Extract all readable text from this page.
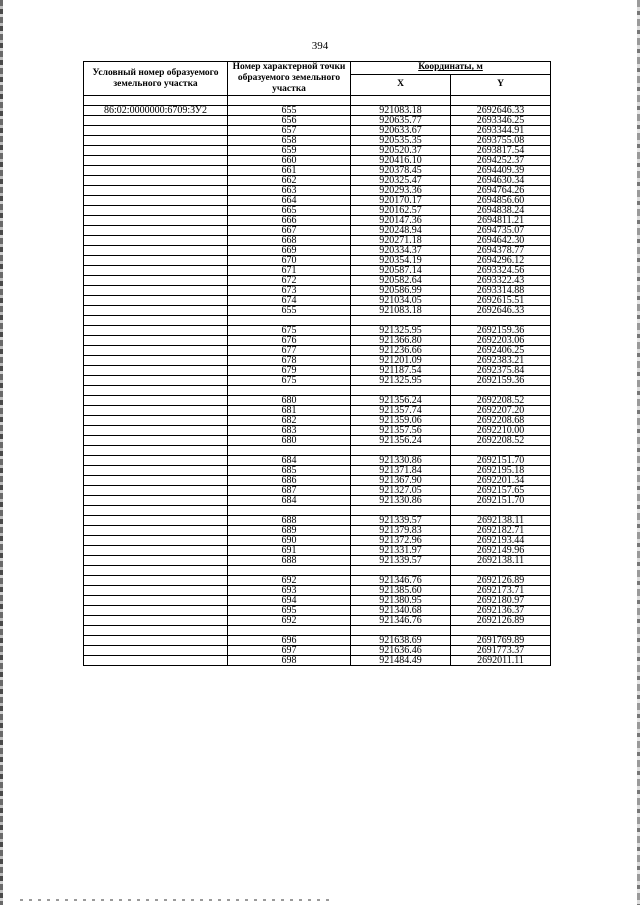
394
Условный номер образуемого земельного участка	Номер характерной точки образуемого земельного участка	Координаты, м	
		X	Y

86:02:0000000:6709:ЗУ2	655	921083.18	2692646.33
	656	920635.77	2693346.25
	657	920633.67	2693344.91
	658	920535.35	2693755.08
	659	920520.37	2693817.54
	660	920416.10	2694252.37
	661	920378.45	2694409.39
	662	920325.47	2694630.34
	663	920293.36	2694764.26
	664	920170.17	2694856.60
	665	920162.57	2694838.24
	666	920147.36	2694811.21
	667	920248.94	2694735.07
	668	920271.18	2694642.30
	669	920334.37	2694378.77
	670	920354.19	2694296.12
	671	920587.14	2693324.56
	672	920582.64	2693322.43
	673	920586.99	2693314.88
	674	921034.05	2692615.51
	655	921083.18	2692646.33

	675	921325.95	2692159.36
	676	921366.80	2692203.06
	677	921236.66	2692406.25
	678	921201.09	2692383.21
	679	921187.54	2692375.84
	675	921325.95	2692159.36

	680	921356.24	2692208.52
	681	921357.74	2692207.20
	682	921359.06	2692208.68
	683	921357.56	2692210.00
	680	921356.24	2692208.52

	684	921330.86	2692151.70
	685	921371.84	2692195.18
	686	921367.90	2692201.34
	687	921327.05	2692157.65
	684	921330.86	2692151.70

	688	921339.57	2692138.11
	689	921379.83	2692182.71
	690	921372.96	2692193.44
	691	921331.97	2692149.96
	688	921339.57	2692138.11

	692	921346.76	2692126.89
	693	921385.60	2692173.71
	694	921380.95	2692180.97
	695	921340.68	2692136.37
	692	921346.76	2692126.89

	696	921638.69	2691769.89
	697	921636.46	2691773.37
	698	921484.49	2692011.11
